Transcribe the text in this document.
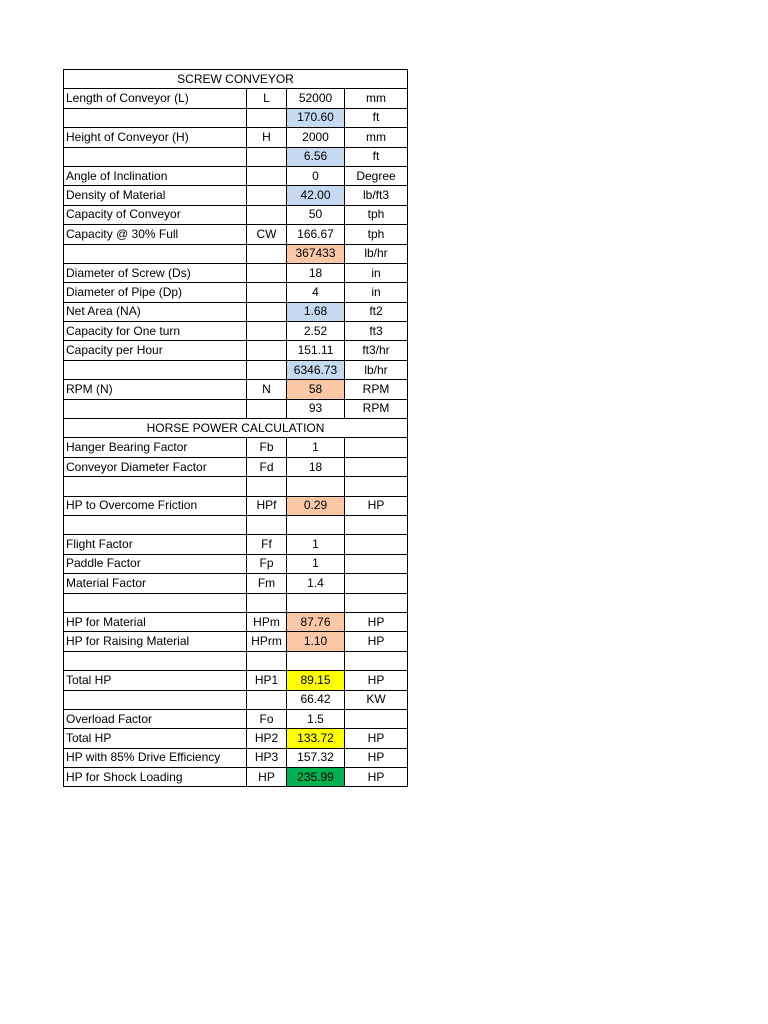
SCREW CONVEYOR			
Length of Conveyor (L)	L	52000	mm
		170.60	ft
Height of Conveyor (H)	H	2000	mm
		6.56	ft
Angle of Inclination		0	Degree
Density of Material		42.00	lb/ft3
Capacity of Conveyor		50	tph
Capacity @ 30% Full	CW	166.67	tph
		367433	lb/hr
Diameter of Screw (Ds)		18	in
Diameter of Pipe (Dp)		4	in
Net Area (NA)		1.68	ft2
Capacity for One turn		2.52	ft3
Capacity per Hour		151.11	ft3/hr
		6346.73	lb/hr
RPM (N)	N	58	RPM
		93	RPM
HORSE POWER CALCULATION			
Hanger Bearing Factor	Fb	1	
Conveyor Diameter Factor	Fd	18	

HP to Overcome Friction	HPf	0.29	HP

Flight Factor	Ff	1	
Paddle Factor	Fp	1	
Material Factor	Fm	1.4	

HP for Material	HPm	87.76	HP
HP for Raising Material	HPrm	1.10	HP

Total HP	HP1	89.15	HP
		66.42	KW
Overload Factor	Fo	1.5	
Total HP	HP2	133.72	HP
HP with 85% Drive Efficiency	HP3	157.32	HP
HP for Shock Loading	HP	235.99	HP
